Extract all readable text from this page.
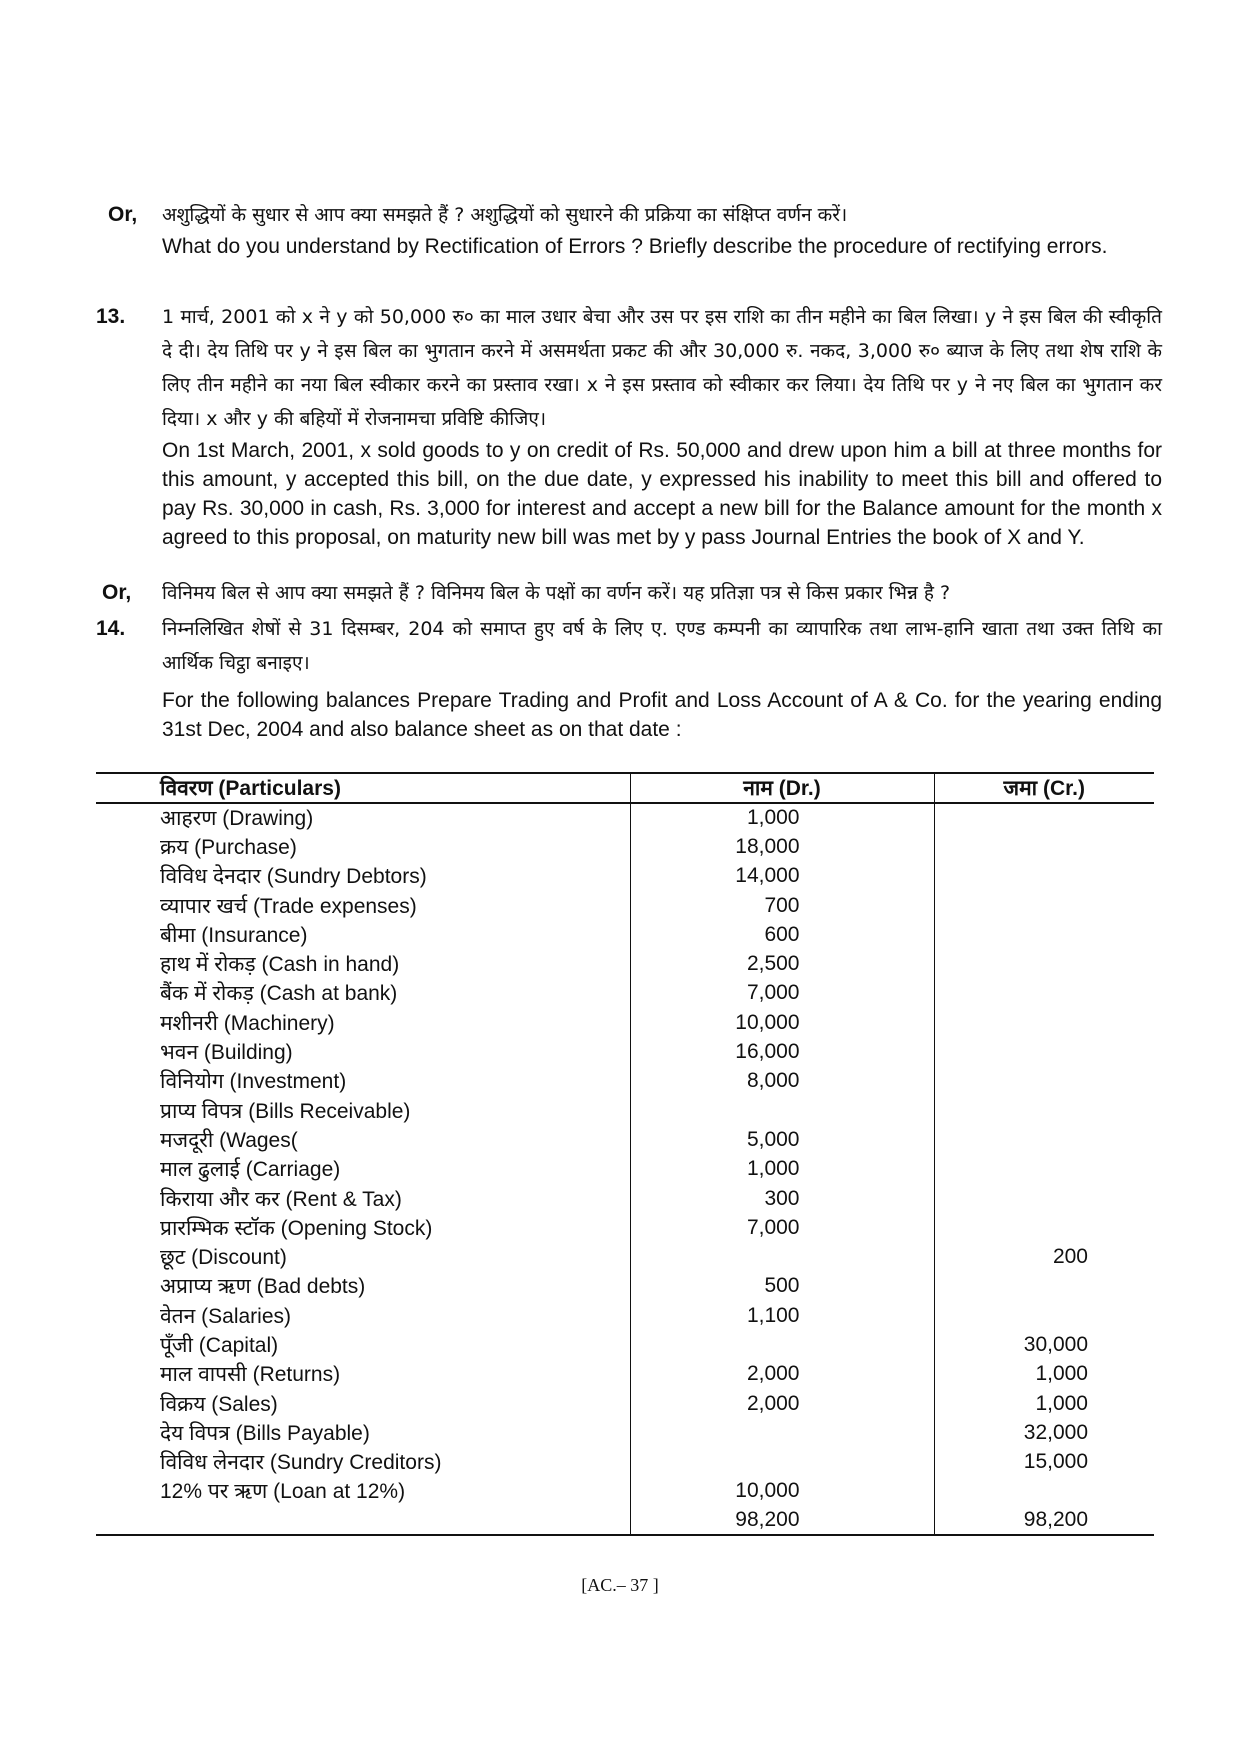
Or,	अशुद्धियों के सुधार से आप क्या समझते हैं ? अशुद्धियों को सुधारने की प्रक्रिया का संक्षिप्त वर्णन करें।
What do you understand by Rectification of Errors ? Briefly describe the procedure of rectifying errors.
13.	1 मार्च, 2001 को x ने y को 50,000 रु० का माल उधार बेचा और उस पर इस राशि का तीन महीने का बिल लिखा। y ने इस बिल की स्वीकृति दे दी। देय तिथि पर y ने इस बिल का भुगतान करने में असमर्थता प्रकट की और 30,000 रु. नकद, 3,000 रु० ब्याज के लिए तथा शेष राशि के लिए तीन महीने का नया बिल स्वीकार करने का प्रस्ताव रखा। x ने इस प्रस्ताव को स्वीकार कर लिया। देय तिथि पर y ने नए बिल का भुगतान कर दिया। x और y की बहियों में रोजनामचा प्रविष्टि कीजिए।
On 1st March, 2001, x sold goods to y on credit of Rs. 50,000 and drew upon him a bill at three months for this amount, y accepted this bill, on the due date, y expressed his inability to meet this bill and offered to pay Rs. 30,000 in cash, Rs. 3,000 for interest and accept a new bill for the Balance amount for the month x agreed to this proposal, on maturity new bill was met by y pass Journal Entries the book of X and Y.
Or,	विनिमय बिल से आप क्या समझते हैं ? विनिमय बिल के पक्षों का वर्णन करें। यह प्रतिज्ञा पत्र से किस प्रकार भिन्न है ?
14.	निम्नलिखित शेषों से 31 दिसम्बर, 204 को समाप्त हुए वर्ष के लिए ए. एण्ड कम्पनी का व्यापारिक तथा लाभ-हानि खाता तथा उक्त तिथि का आर्थिक चिट्ठा बनाइए।
For the following balances Prepare Trading and Profit and Loss Account of A & Co. for the yearing ending 31st Dec, 2004 and also balance sheet as on that date :
विवरण (Particulars)	नाम (Dr.)	जमा (Cr.)
आहरण (Drawing)	1,000	
क्रय (Purchase)	18,000	
विविध देनदार (Sundry Debtors)	14,000	
व्यापार खर्च (Trade expenses)	700	
बीमा (Insurance)	600	
हाथ में रोकड़ (Cash in hand)	2,500	
बैंक में रोकड़ (Cash at bank)	7,000	
मशीनरी (Machinery)	10,000	
भवन (Building)	16,000	
विनियोग (Investment)	8,000	
प्राप्य विपत्र (Bills Receivable)		
मजदूरी (Wages(	5,000	
माल ढुलाई (Carriage)	1,000	
किराया और कर (Rent & Tax)	300	
प्रारम्भिक स्टॉक (Opening Stock)	7,000	
छूट (Discount)		200
अप्राप्य ऋण (Bad debts)	500	
वेतन (Salaries)	1,100	
पूँजी (Capital)		30,000
माल वापसी (Returns)	2,000	1,000
विक्रय (Sales)	2,000	1,000
देय विपत्र (Bills Payable)		32,000
विविध लेनदार (Sundry Creditors)		15,000
12% पर ऋण (Loan at 12%)	10,000	
	98,200	98,200
[AC.– 37 ]
